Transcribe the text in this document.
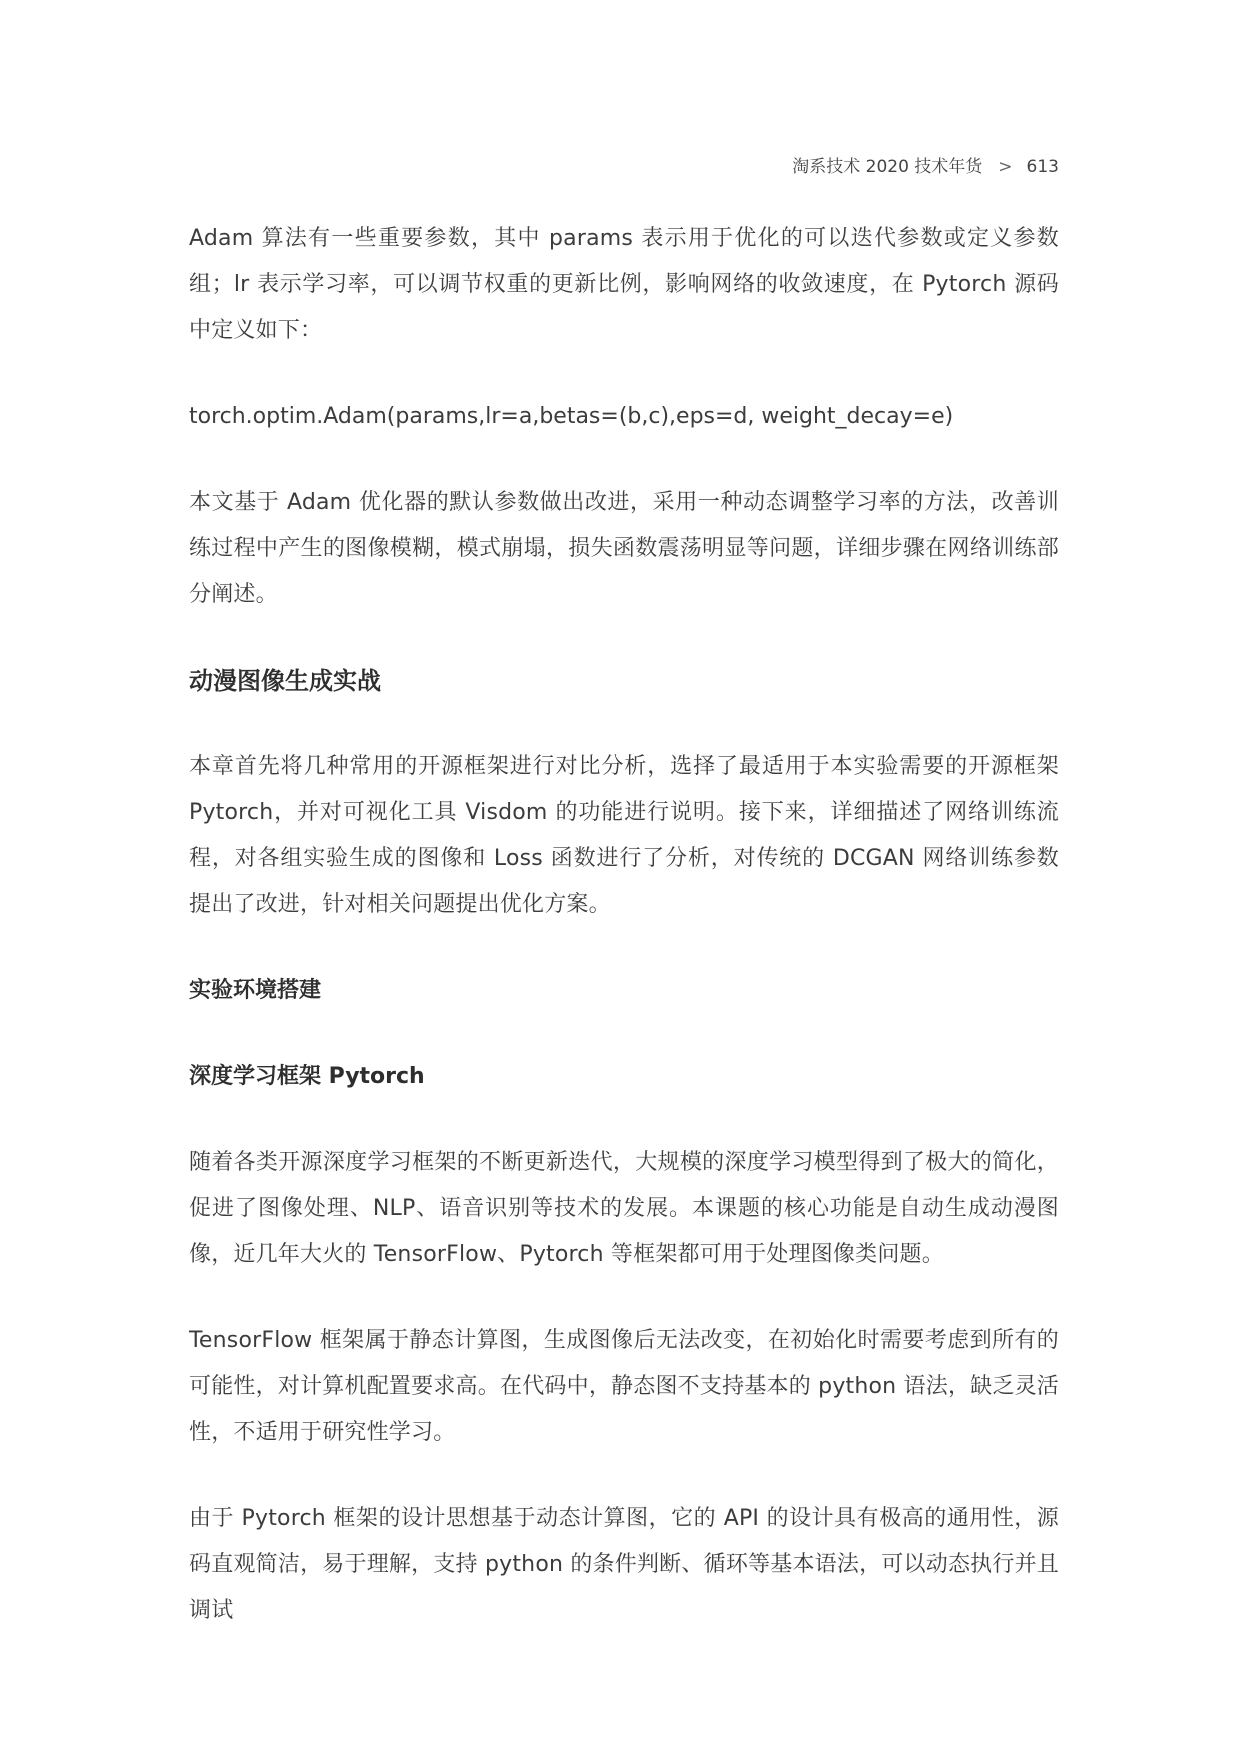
淘系技术 2020 技术年货 > 613

Adam 算法有一些重要参数，其中 params 表示用于优化的可以迭代参数或定义参数组；lr 表示学习率，可以调节权重的更新比例，影响网络的收敛速度，在 Pytorch 源码中定义如下：

torch.optim.Adam(params,lr=a,betas=(b,c),eps=d, weight_decay=e)

本文基于 Adam 优化器的默认参数做出改进，采用一种动态调整学习率的方法，改善训练过程中产生的图像模糊，模式崩塌，损失函数震荡明显等问题，详细步骤在网络训练部分阐述。

动漫图像生成实战

本章首先将几种常用的开源框架进行对比分析，选择了最适用于本实验需要的开源框架 Pytorch，并对可视化工具 Visdom 的功能进行说明。接下来，详细描述了网络训练流程，对各组实验生成的图像和 Loss 函数进行了分析，对传统的 DCGAN 网络训练参数提出了改进，针对相关问题提出优化方案。

实验环境搭建
深度学习框架 Pytorch

随着各类开源深度学习框架的不断更新迭代，大规模的深度学习模型得到了极大的简化，促进了图像处理、NLP、语音识别等技术的发展。本课题的核心功能是自动生成动漫图像，近几年大火的 TensorFlow、Pytorch 等框架都可用于处理图像类问题。

TensorFlow 框架属于静态计算图，生成图像后无法改变，在初始化时需要考虑到所有的可能性，对计算机配置要求高。在代码中，静态图不支持基本的 python 语法，缺乏灵活性，不适用于研究性学习。

由于 Pytorch 框架的设计思想基于动态计算图，它的 API 的设计具有极高的通用性，源码直观简洁，易于理解，支持 python 的条件判断、循环等基本语法，可以动态执行并且调试
